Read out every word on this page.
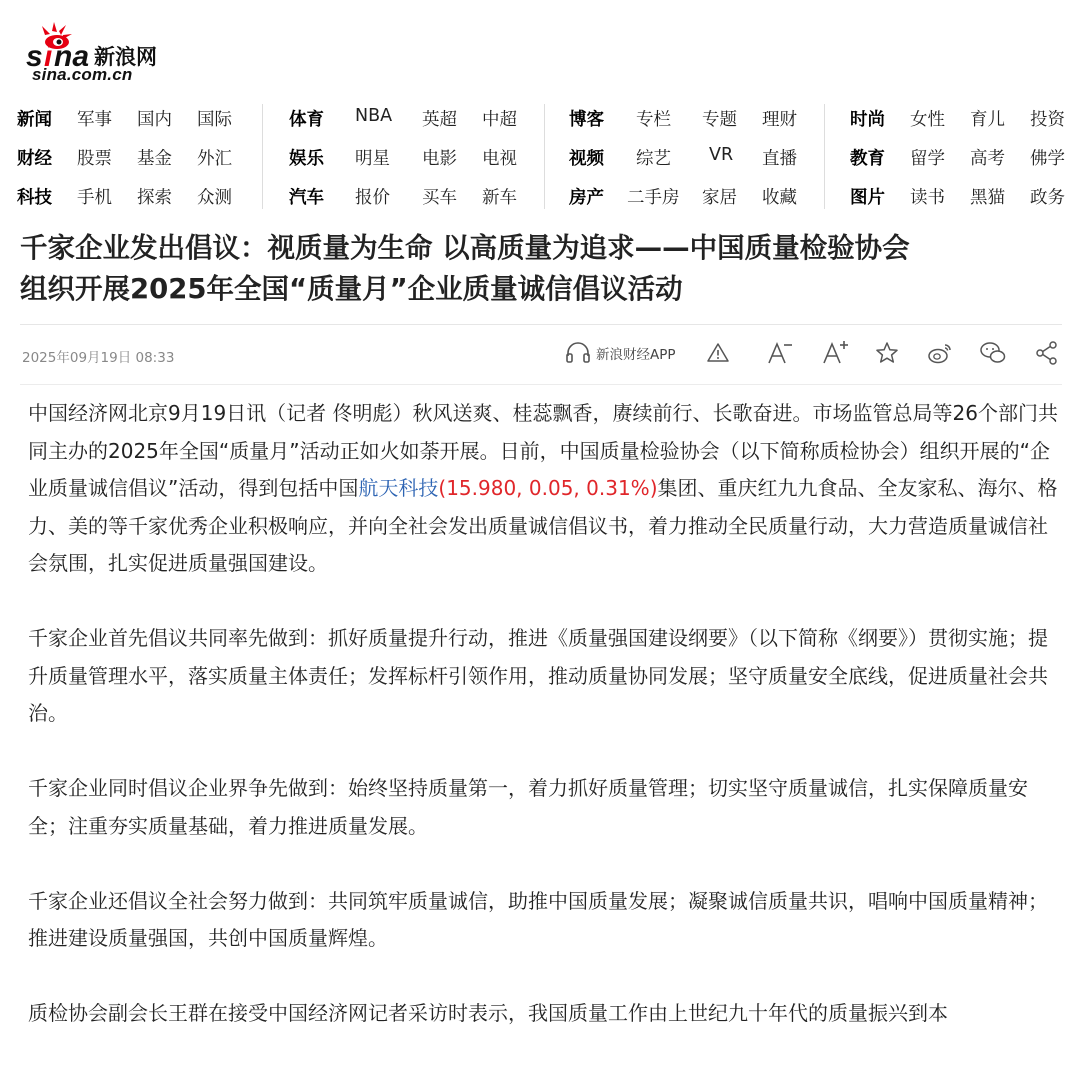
s i na 新浪网
sina.com.cn
新闻 军事 国内 国际
财经 股票 基金 外汇
科技 手机 探索 众测
体育 NBA 英超 中超
娱乐 明星 电影 电视
汽车 报价 买车 新车
博客 专栏 专题 理财
视频 综艺 VR 直播
房产 二手房 家居 收藏
时尚 女性 育儿 投资
教育 留学 高考 佛学
图片 读书 黑猫 政务
千家企业发出倡议：视质量为生命 以高质量为追求——中国质量检验协会
组织开展2025年全国“质量月”企业质量诚信倡议活动
2025年09月19日 08:33	新浪财经APP

中国经济网北京9月19日讯（记者 佟明彪）秋风送爽、桂蕊飘香，赓续前行、长歌奋进。市场监管总局等26个部门共同主办的2025年全国“质量月”活动正如火如荼开展。日前，中国质量检验协会（以下简称质检协会）组织开展的“企业质量诚信倡议”活动，得到包括中国航天科技(15.980, 0.05, 0.31%)集团、重庆红九九食品、全友家私、海尔、格力、美的等千家优秀企业积极响应，并向全社会发出质量诚信倡议书，着力推动全民质量行动，大力营造质量诚信社会氛围，扎实促进质量强国建设。

千家企业首先倡议共同率先做到：抓好质量提升行动，推进《质量强国建设纲要》（以下简称《纲要》）贯彻实施；提升质量管理水平，落实质量主体责任；发挥标杆引领作用，推动质量协同发展；坚守质量安全底线，促进质量社会共治。

千家企业同时倡议企业界争先做到：始终坚持质量第一，着力抓好质量管理；切实坚守质量诚信，扎实保障质量安全；注重夯实质量基础，着力推进质量发展。

千家企业还倡议全社会努力做到：共同筑牢质量诚信，助推中国质量发展；凝聚诚信质量共识，唱响中国质量精神；推进建设质量强国，共创中国质量辉煌。

质检协会副会长王群在接受中国经济网记者采访时表示，我国质量工作由上世纪九十年代的质量振兴到本
